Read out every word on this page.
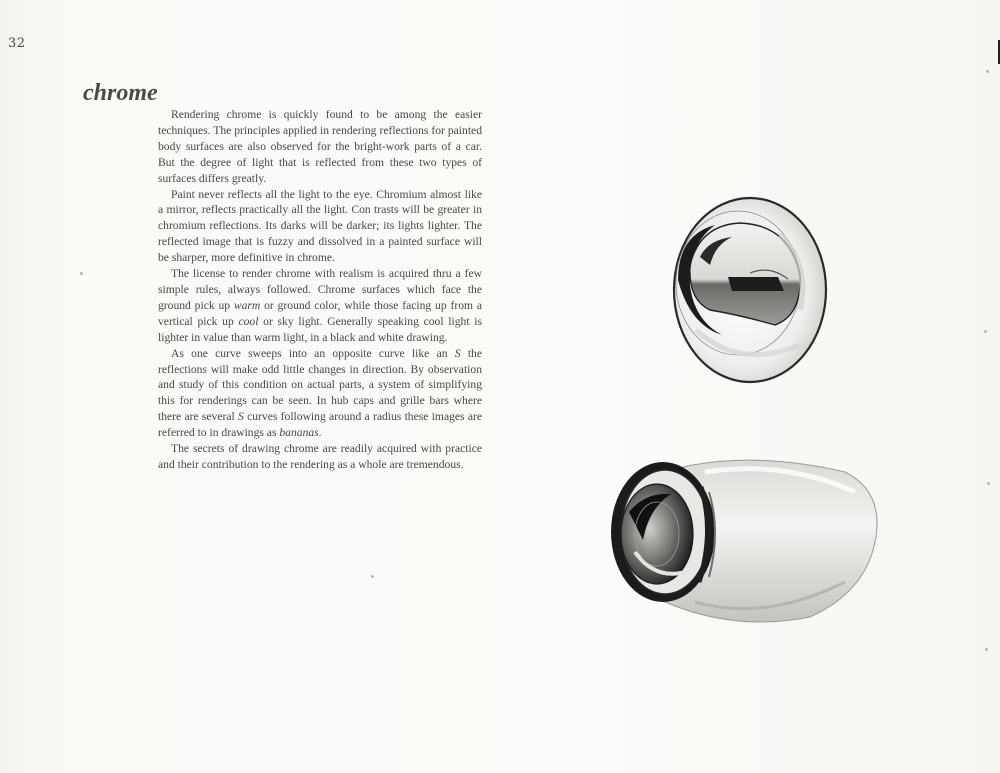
32
chrome

Rendering chrome is quickly found to be among the easier techniques. The principles applied in rendering reflections for painted body surfaces are also observed for the bright-work parts of a car. But the degree of light that is reflected from these two types of surfaces differs greatly.

Paint never reflects all the light to the eye. Chromium almost like a mirror, reflects practically all the light. Con trasts will be greater in chromium reflections. Its darks will be darker; its lights lighter. The reflected image that is fuzzy and dissolved in a painted surface will be sharper, more definitive in chrome.

The license to render chrome with realism is acquired thru a few simple rules, always followed. Chrome surfaces which face the ground pick up warm or ground color, while those facing up from a vertical pick up cool or sky light. Generally speaking cool light is lighter in value than warm light, in a black and white drawing.

As one curve sweeps into an opposite curve like an S the reflections will make odd little changes in direction. By observation and study of this condition on actual parts, a system of simplifying this for renderings can be seen. In hub caps and grille bars where there are several S curves following around a radius these images are referred to in drawings as bananas.

The secrets of drawing chrome are readily acquired with practice and their contribution to the rendering as a whole are tremendous.
